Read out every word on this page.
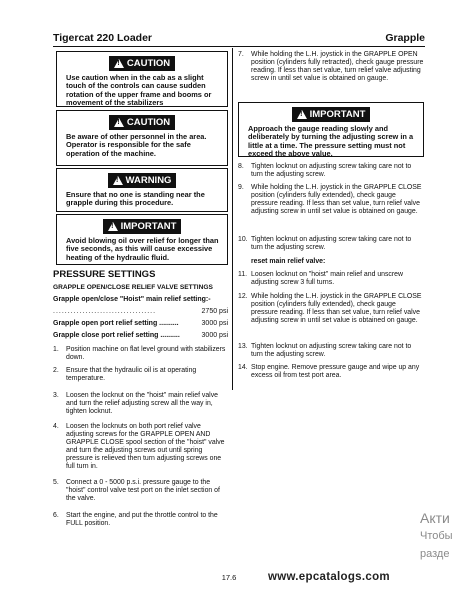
Tigercat 220 Loader	Grapple
!
CAUTION
Use caution when in the cab as a slight touch of the controls can cause sudden rotation of the upper frame and booms or movement of the stabilizers
!
CAUTION
Be aware of other personnel in the area. Operator is responsible for the safe operation of the machine.
!
WARNING
Ensure that no one is standing near the grapple during this procedure.
!
IMPORTANT
Avoid blowing oil over relief for longer than five seconds, as this will cause excessive heating of the hydraulic fluid.
PRESSURE SETTINGS
GRAPPLE OPEN/CLOSE RELIEF VALVE SETTINGS
Grapple open/close "Hoist" main relief setting:-
...................................	2750 psi
Grapple open port relief setting ..........	3000 psi
Grapple close port relief setting ..........	3000 psi
1. Position machine on flat level ground with stabilizers down.
2. Ensure that the hydraulic oil is at operating temperature.
3. Loosen the locknut on the "hoist" main relief valve and turn the relief adjusting screw all the way in, tighten locknut.
4. Loosen the locknuts on both port relief valve adjusting screws for the GRAPPLE OPEN AND GRAPPLE CLOSE spool section of the "hoist" valve and turn the adjusting screws out until spring pressure is relieved then turn adjusting screws one full turn in.
5. Connect a 0 - 5000 p.s.i. pressure gauge to the "hoist" control valve test port on the inlet section of the valve.
6. Start the engine, and put the throttle control to the FULL position.
7. While holding the L.H. joystick in the GRAPPLE OPEN position (cylinders fully retracted), check gauge pressure reading. If less than set value, turn relief valve adjusting screw in until set value is obtained on gauge.
!
IMPORTANT
Approach the gauge reading slowly and deliberately by turning the adjusting screw in a little at a time. The pressure setting must not exceed the above value.
8. Tighten locknut on adjusting screw taking care not to turn the adjusting screw.
9. While holding the L.H. joystick in the GRAPPLE CLOSE position (cylinders fully extended), check gauge pressure reading. If less than set value, turn relief valve adjusting screw in until set value is obtained on gauge.
10. Tighten locknut on adjusting screw taking care not to turn the adjusting screw.
reset main relief valve:
11. Loosen locknut on "hoist" main relief and unscrew adjusting screw 3 full turns.
12. While holding the L.H. joystick in the GRAPPLE CLOSE position (cylinders fully extended), check gauge pressure reading. If less than set value, turn relief valve adjusting screw in until set value is obtained on gauge.
13. Tighten locknut on adjusting screw taking care not to turn the adjusting screw.
14. Stop engine. Remove pressure gauge and wipe up any excess oil from test port area.
17.6	www.epcatalogs.com
Акти
Чтобы
разде
